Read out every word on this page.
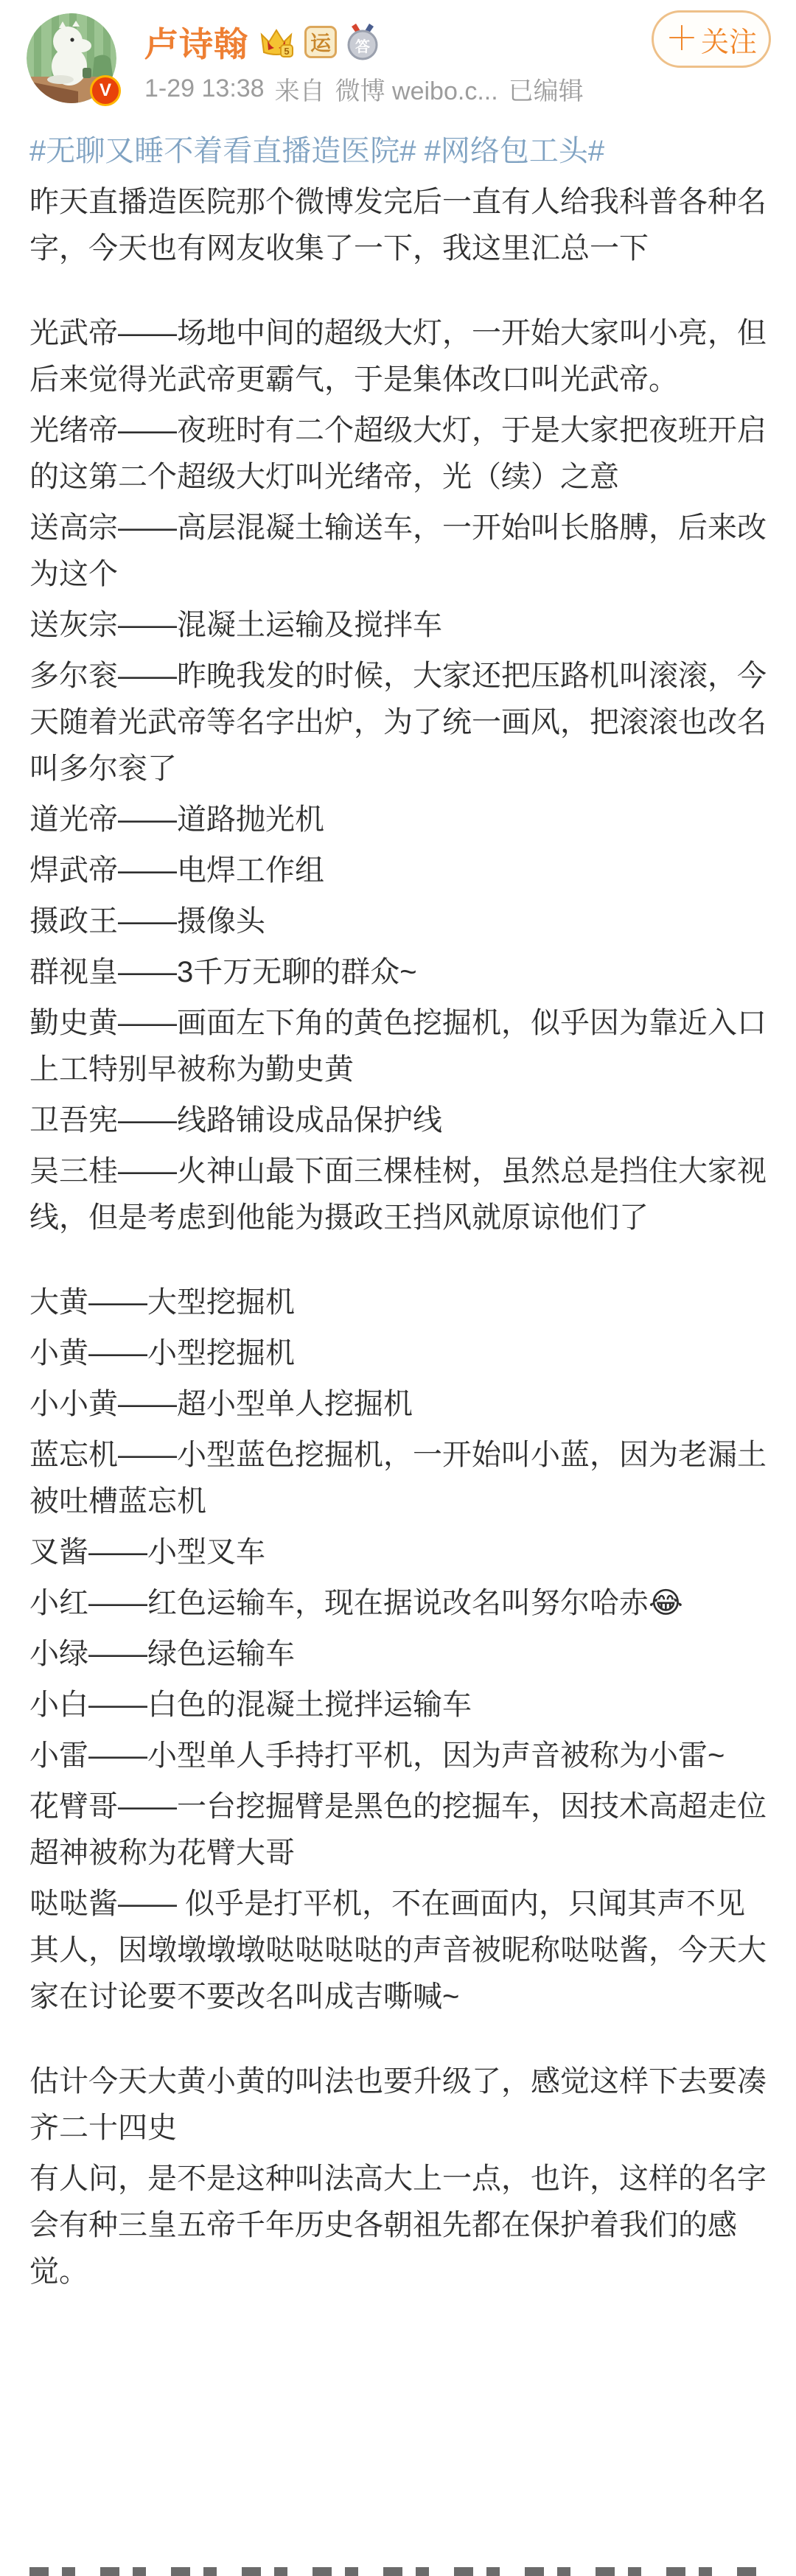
V
卢诗翰	5 运	答
1-29 13:38 来自 微博 weibo.c... 已编辑
＋ 关注

#无聊又睡不着看直播造医院# #网络包工头#

昨天直播造医院那个微博发完后一直有人给我科普各种名字，今天也有网友收集了一下，我这里汇总一下

光武帝——场地中间的超级大灯，一开始大家叫小亮，但后来觉得光武帝更霸气，于是集体改口叫光武帝。

光绪帝——夜班时有二个超级大灯，于是大家把夜班开启的这第二个超级大灯叫光绪帝，光（续）之意

送高宗——高层混凝土输送车，一开始叫长胳膊，后来改为这个

送灰宗——混凝土运输及搅拌车

多尔衮——昨晚我发的时候，大家还把压路机叫滚滚，今天随着光武帝等名字出炉，为了统一画风，把滚滚也改名叫多尔衮了

道光帝——道路抛光机

焊武帝——电焊工作组

摄政王——摄像头

群视皇——3千万无聊的群众~

勤史黄——画面左下角的黄色挖掘机，似乎因为靠近入口上工特别早被称为勤史黄

卫吾宪——线路铺设成品保护线

吴三桂——火神山最下面三棵桂树，虽然总是挡住大家视线，但是考虑到他能为摄政王挡风就原谅他们了

大黄——大型挖掘机

小黄——小型挖掘机

小小黄——超小型单人挖掘机

蓝忘机——小型蓝色挖掘机，一开始叫小蓝，因为老漏土被吐槽蓝忘机

叉酱——小型叉车

小红——红色运输车，现在据说改名叫努尔哈赤😂

小绿——绿色运输车

小白——白色的混凝土搅拌运输车

小雷——小型单人手持打平机，因为声音被称为小雷~

花臂哥——一台挖掘臂是黑色的挖掘车，因技术高超走位超神被称为花臂大哥

哒哒酱—— 似乎是打平机，不在画面内，只闻其声不见其人，因墩墩墩墩哒哒哒哒的声音被昵称哒哒酱，今天大家在讨论要不要改名叫成吉嘶喊~

估计今天大黄小黄的叫法也要升级了，感觉这样下去要凑齐二十四史

有人问，是不是这种叫法高大上一点，也许，这样的名字会有种三皇五帝千年历史各朝祖先都在保护着我们的感觉。
